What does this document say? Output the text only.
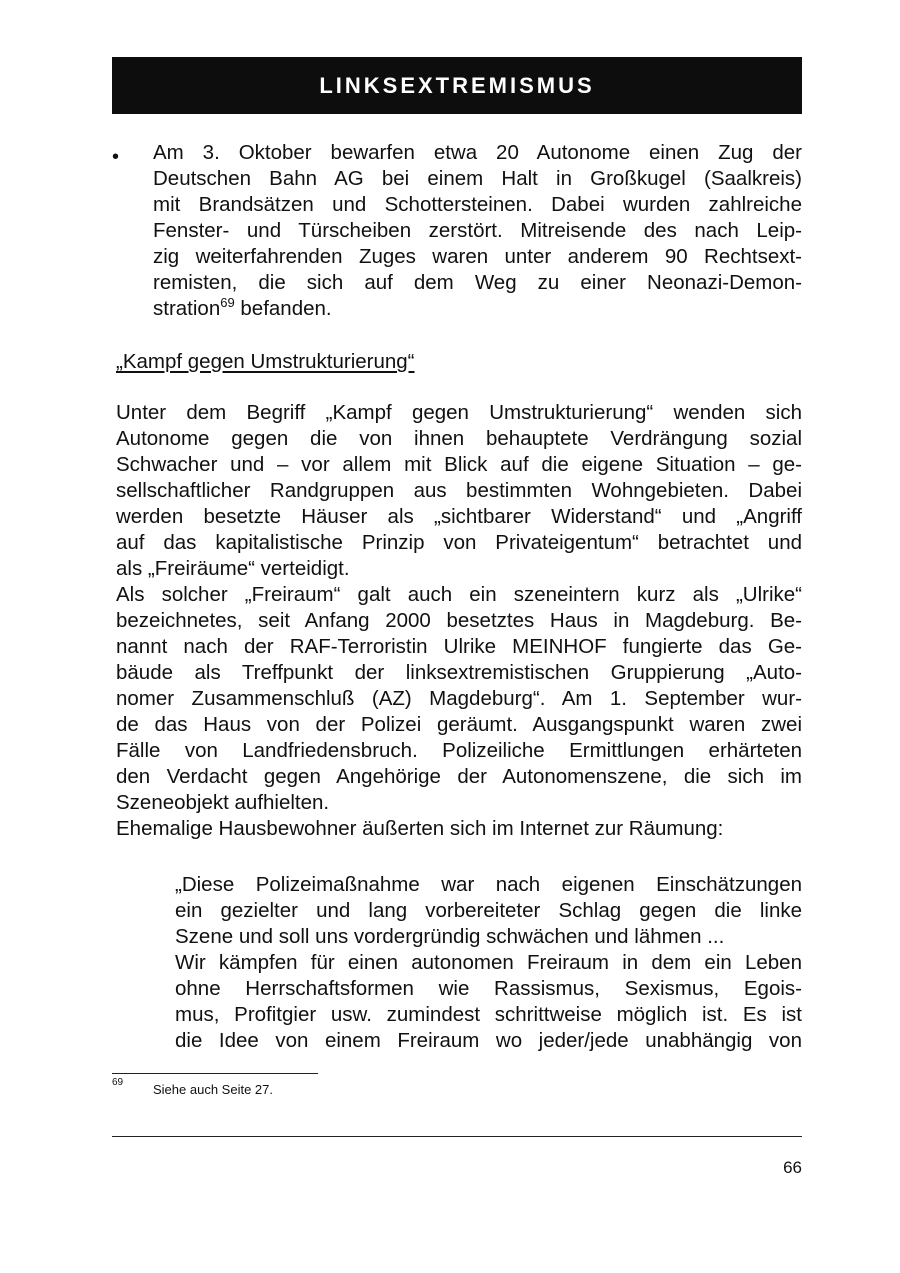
LINKSEXTREMISMUS
• Am 3. Oktober bewarfen etwa 20 Autonome einen Zug der
Deutschen Bahn AG bei einem Halt in Großkugel (Saalkreis)
mit Brandsätzen und Schottersteinen. Dabei wurden zahlreiche
Fenster- und Türscheiben zerstört. Mitreisende des nach Leip-
zig weiterfahrenden Zuges waren unter anderem 90 Rechtsext-
remisten, die sich auf dem Weg zu einer Neonazi-Demon-
stration$^{69}$ befanden.
„Kampf gegen Umstrukturierung“
Unter dem Begriff „Kampf gegen Umstrukturierung“ wenden sich
Autonome gegen die von ihnen behauptete Verdrängung sozial
Schwacher und – vor allem mit Blick auf die eigene Situation – ge-
sellschaftlicher Randgruppen aus bestimmten Wohngebieten. Dabei
werden besetzte Häuser als „sichtbarer Widerstand“ und „Angriff
auf das kapitalistische Prinzip von Privateigentum“ betrachtet und
als „Freiräume“ verteidigt.
Als solcher „Freiraum“ galt auch ein szeneintern kurz als „Ulrike“
bezeichnetes, seit Anfang 2000 besetztes Haus in Magdeburg. Be-
nannt nach der RAF-Terroristin Ulrike MEINHOF fungierte das Ge-
bäude als Treffpunkt der linksextremistischen Gruppierung „Auto-
nomer Zusammenschluß (AZ) Magdeburg“. Am 1. September wur-
de das Haus von der Polizei geräumt. Ausgangspunkt waren zwei
Fälle von Landfriedensbruch. Polizeiliche Ermittlungen erhärteten
den Verdacht gegen Angehörige der Autonomenszene, die sich im
Szeneobjekt aufhielten.
Ehemalige Hausbewohner äußerten sich im Internet zur Räumung:
„Diese Polizeimaßnahme war nach eigenen Einschätzungen
ein gezielter und lang vorbereiteter Schlag gegen die linke
Szene und soll uns vordergründig schwächen und lähmen ...
Wir kämpfen für einen autonomen Freiraum in dem ein Leben
ohne Herrschaftsformen wie Rassismus, Sexismus, Egois-
mus, Profitgier usw. zumindest schrittweise möglich ist. Es ist
die Idee von einem Freiraum wo jeder/jede unabhängig von
69 Siehe auch Seite 27.
66
